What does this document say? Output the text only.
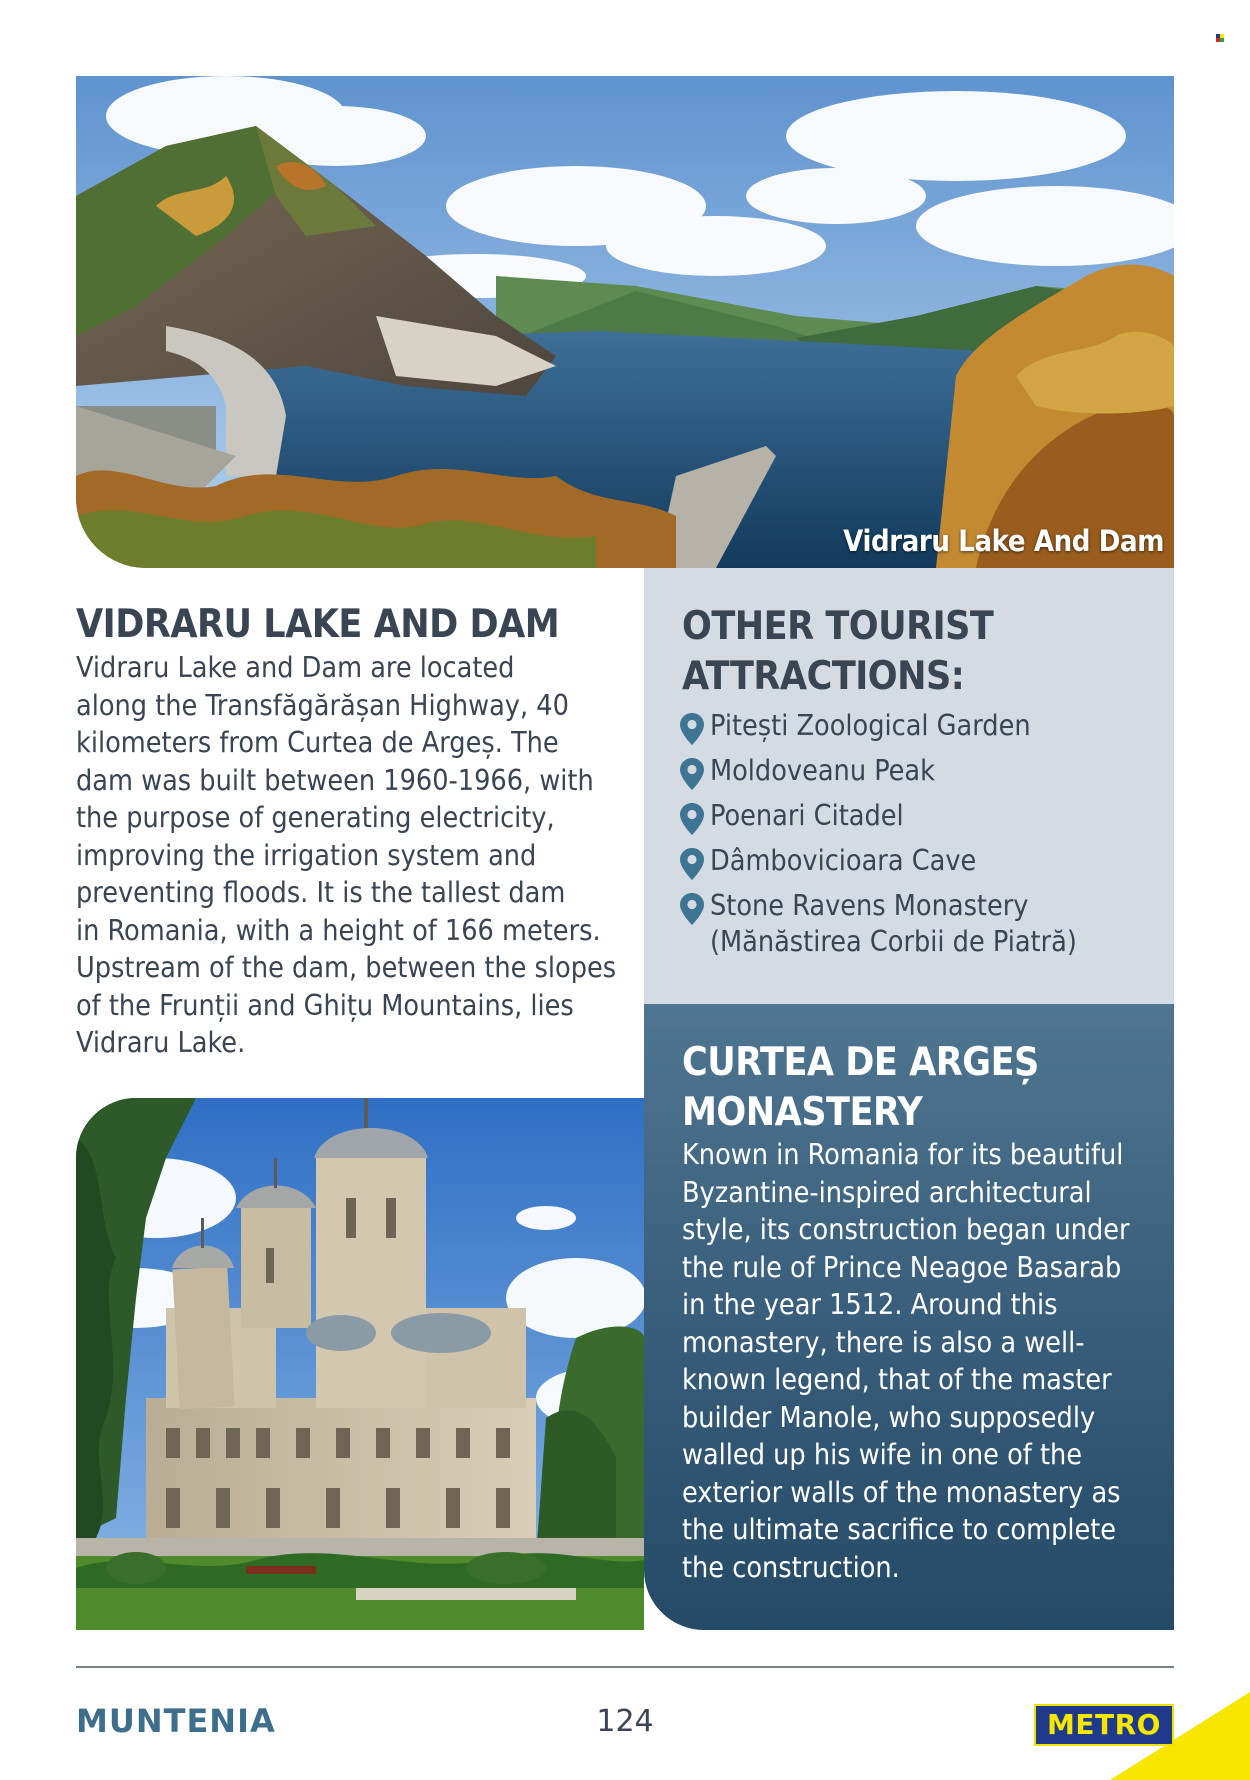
Vidraru Lake And Dam
VIDRARU LAKE AND DAM

Vidraru Lake and Dam are located
along the Transfăgărășan Highway, 40
kilometers from Curtea de Argeș. The
dam was built between 1960-1966, with
the purpose of generating electricity,
improving the irrigation system and
preventing floods. It is the tallest dam
in Romania, with a height of 166 meters.
Upstream of the dam, between the slopes
of the Frunții and Ghițu Mountains, lies
Vidraru Lake.

OTHER TOURIST
ATTRACTIONS:
Pitești Zoological Garden
Moldoveanu Peak
Poenari Citadel
Dâmbovicioara Cave
Stone Ravens Monastery
(Mănăstirea Corbii de Piatră)
CURTEA DE ARGEȘ
MONASTERY

Known in Romania for its beautiful
Byzantine-inspired architectural
style, its construction began under
the rule of Prince Neagoe Basarab
in the year 1512. Around this
monastery, there is also a well-
known legend, that of the master
builder Manole, who supposedly
walled up his wife in one of the
exterior walls of the monastery as
the ultimate sacrifice to complete
the construction.

MUNTENIA	124	METRO
